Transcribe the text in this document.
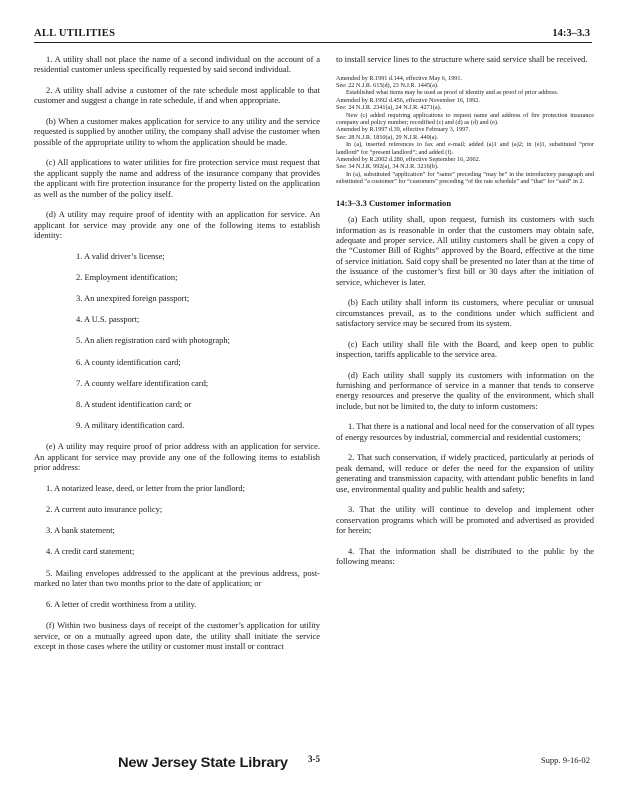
ALL UTILITIES	14:3–3.3

1. A utility shall not place the name of a second individual on the account of a residential customer unless specifically requested by said second individual.

2. A utility shall advise a customer of the rate schedule most applicable to that customer and suggest a change in rate schedule, if and when appropriate.

(b) When a customer makes application for service to any utility and the service requested is supplied by another utility, the company shall advise the customer when possible of the appropriate utility to whom the application should be made.

(c) All applications to water utilities for fire protection service must request that the applicant supply the name and address of the insurance company that provides the applicant with fire protection insurance for the property listed on the application as well as the number of the policy itself.

(d) A utility may require proof of identity with an application for service. An applicant for service may provide any one of the following items to establish identity:

1. A valid driver’s license;

2. Employment identification;

3. An unexpired foreign passport;

4. A U.S. passport;

5. An alien registration card with photograph;

6. A county identification card;

7. A county welfare identification card;

8. A student identification card; or

9. A military identification card.

(e) A utility may require proof of prior address with an application for service. An applicant for service may provide any one of the following items to establish prior address:

1. A notarized lease, deed, or letter from the prior landlord;

2. A current auto insurance policy;

3. A bank statement;

4. A credit card statement;

5. Mailing envelopes addressed to the applicant at the previous address, post-marked no later than two months prior to the date of application; or

6. A letter of credit worthiness from a utility.

(f) Within two business days of receipt of the customer’s application for utility service, or on a mutually agreed upon date, the utility shall initiate the service except in those cases where the utility or customer must install or contract

to install service lines to the structure where said service shall be received.

Amended by R.1991 d.144, effective May 6, 1991.

See: 22 N.J.R. 615(d), 23 N.J.R. 1445(a).

Established what items may be used as proof of identity and as proof of prior address.

Amended by R.1992 d.456, effective November 16, 1992.

See: 24 N.J.R. 2341(a), 24 N.J.R. 4271(a).

New (c) added requiring applications to request name and address of fire protection insurance company and policy number; recodified (c) and (d) as (d) and (e).

Amended by R.1997 d.39, effective February 3, 1997.

See: 28 N.J.R. 1810(a), 29 N.J.R. 449(a).

In (a), inserted references to fax and e-mail; added (a)1 and (a)2; in (e)1, substituted “prior landlord” for “present landlord”; and added (f).

Amended by R.2002 d.280, effective September 16, 2002.

See: 34 N.J.R. 992(a), 34 N.J.R. 3216(b).

In (a), substituted “application” for “same” preceding “may be” in the introductory paragraph and substituted “a customer” for “customers” preceding “of the rate schedule” and “that” for “said” in 2.

14:3–3.3 Customer information

(a) Each utility shall, upon request, furnish its customers with such information as is reasonable in order that the customers may obtain safe, adequate and proper service. All utility customers shall be given a copy of the “Customer Bill of Rights” approved by the Board, effective at the time of service initiation. Said copy shall be presented no later than at the time of the issuance of the customer’s first bill or 30 days after the initiation of service, whichever is later.

(b) Each utility shall inform its customers, where peculiar or unusual circumstances prevail, as to the conditions under which sufficient and satisfactory service may be secured from its system.

(c) Each utility shall file with the Board, and keep open to public inspection, tariffs applicable to the service area.

(d) Each utility shall supply its customers with information on the furnishing and performance of service in a manner that tends to conserve energy resources and preserve the quality of the environment, which shall include, but not be limited to, the duty to inform customers:

1. That there is a national and local need for the conservation of all types of energy resources by industrial, commercial and residential customers;

2. That such conservation, if widely practiced, particularly at periods of peak demand, will reduce or defer the need for the expansion of utility generating and transmission capacity, with attendant public benefits in land use, environmental quality and public health and safety;

3. That the utility will continue to develop and implement other conservation programs which will be promoted and advertised as provided for herein;

4. That the information shall be distributed to the public by the following means:

New Jersey State Library 3-5	Supp. 9-16-02
